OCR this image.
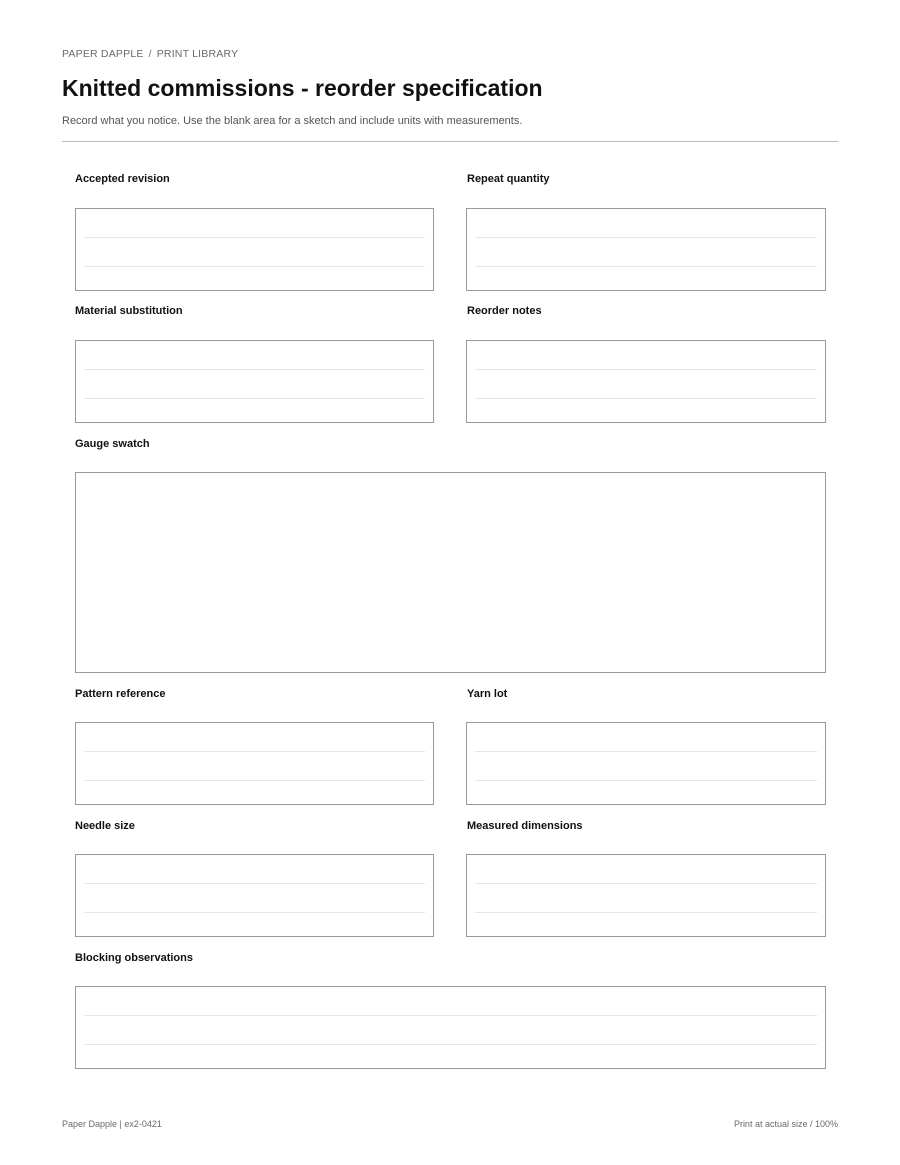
PAPER DAPPLE / PRINT LIBRARY
Knitted commissions - reorder specification
Record what you notice. Use the blank area for a sketch and include units with measurements.
Accepted revision	Repeat quantity
Material substitution	Reorder notes
Gauge swatch
Pattern reference	Yarn lot
Needle size	Measured dimensions
Blocking observations
Paper Dapple | ex2-0421	Print at actual size / 100%
